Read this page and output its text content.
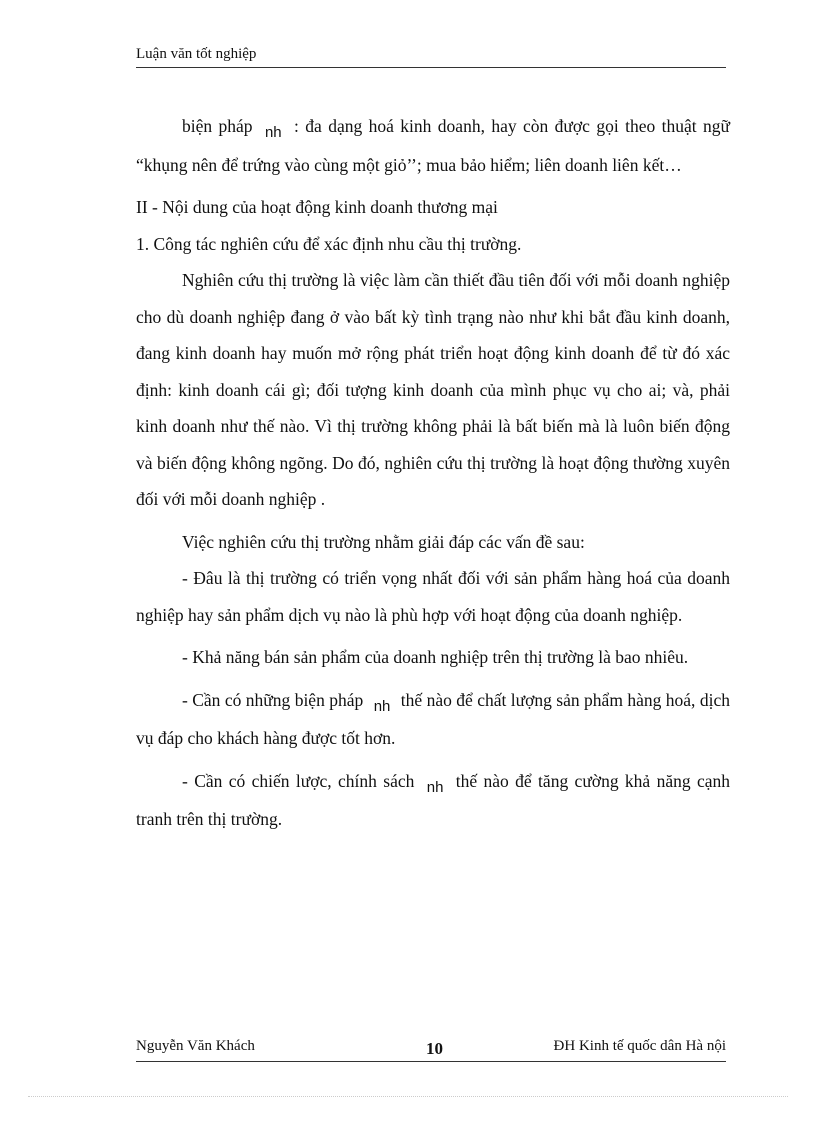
Luận văn tốt nghiệp

biện pháp nh : đa dạng hoá kinh doanh, hay còn được gọi theo thuật ngữ “khụng nên để trứng vào cùng một giỏ’’; mua bảo hiểm; liên doanh liên kết…

II - Nội dung của hoạt động kinh doanh thương mại

1. Công tác nghiên cứu để xác định nhu cầu thị trường.

Nghiên cứu thị trường là việc làm cần thiết đầu tiên đối với mỗi doanh nghiệp cho dù doanh nghiệp đang ở vào bất kỳ tình trạng nào như khi bắt đầu kinh doanh, đang kinh doanh hay muốn mở rộng phát triển hoạt động kinh doanh để từ đó xác định: kinh doanh cái gì; đối tượng kinh doanh của mình phục vụ cho ai; và, phải kinh doanh như thế nào. Vì thị trường không phải là bất biến mà là luôn biến động và biến động không ngõng. Do đó, nghiên cứu thị trường là hoạt động thường xuyên đối với mỗi doanh nghiệp .

Việc nghiên cứu thị trường nhằm giải đáp các vấn đề sau:

- Đâu là thị trường có triển vọng nhất đối với sản phẩm hàng hoá của doanh nghiệp hay sản phẩm dịch vụ nào là phù hợp với hoạt động của doanh nghiệp.

- Khả năng bán sản phẩm của doanh nghiệp trên thị trường là bao nhiêu.

- Cần có những biện pháp nh thế nào để chất lượng sản phẩm hàng hoá, dịch vụ đáp cho khách hàng được tốt hơn.

- Cần có chiến lược, chính sách nh thế nào để tăng cường khả năng cạnh tranh trên thị trường.

Nguyễn Văn Khách	10	ĐH Kinh tế quốc dân Hà nội
